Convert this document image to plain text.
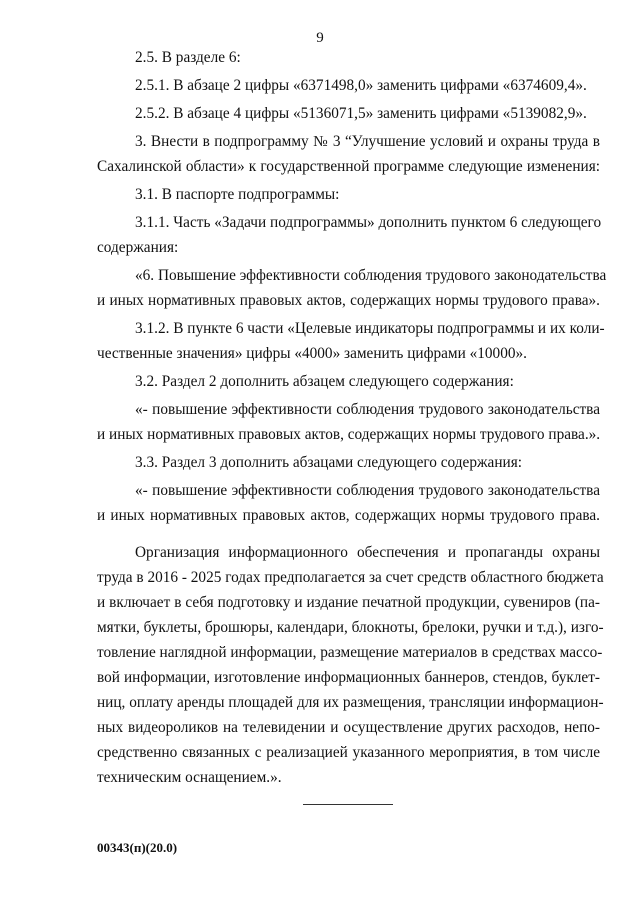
9
2.5. В разделе 6:
2.5.1. В абзаце 2 цифры «6371498,0» заменить цифрами «6374609,4».
2.5.2. В абзаце 4 цифры «5136071,5» заменить цифрами «5139082,9».
3. Внести в подпрограмму № 3 “Улучшение условий и охраны труда в
Сахалинской области» к государственной программе следующие изменения:
3.1. В паспорте подпрограммы:
3.1.1. Часть «Задачи подпрограммы» дополнить пунктом 6 следующего
содержания:
«6. Повышение эффективности соблюдения трудового законодательства
и иных нормативных правовых актов, содержащих нормы трудового права».
3.1.2. В пункте 6 части «Целевые индикаторы подпрограммы и их коли-
чественные значения» цифры «4000» заменить цифрами «10000».
3.2. Раздел 2 дополнить абзацем следующего содержания:
«- повышение эффективности соблюдения трудового законодательства
и иных нормативных правовых актов, содержащих нормы трудового права.».
3.3. Раздел 3 дополнить абзацами следующего содержания:
«- повышение эффективности соблюдения трудового законодательства
и иных нормативных правовых актов, содержащих нормы трудового права.
Организация информационного обеспечения и пропаганды охраны
труда в 2016 - 2025 годах предполагается за счет средств областного бюджета
и включает в себя подготовку и издание печатной продукции, сувениров (па-
мятки, буклеты, брошюры, календари, блокноты, брелоки, ручки и т.д.), изго-
товление наглядной информации, размещение материалов в средствах массо-
вой информации, изготовление информационных баннеров, стендов, буклет-
ниц, оплату аренды площадей для их размещения, трансляции информацион-
ных видеороликов на телевидении и осуществление других расходов, непо-
средственно связанных с реализацией указанного мероприятия, в том числе
техническим оснащением.».
00343(п)(20.0)
